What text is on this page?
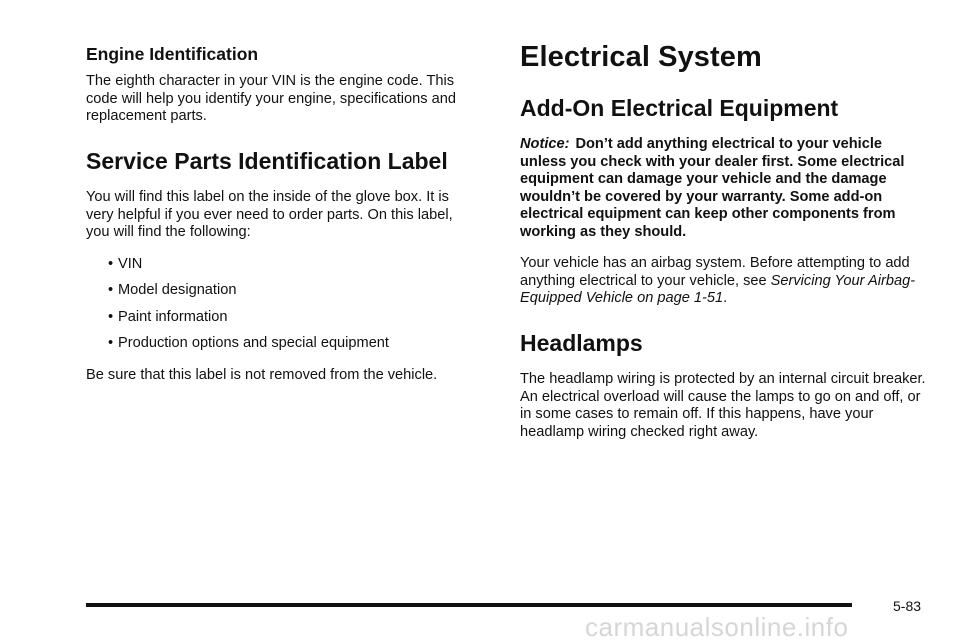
Engine Identification

The eighth character in your VIN is the engine code. This code will help you identify your engine, specifications and replacement parts.

Service Parts Identification Label

You will find this label on the inside of the glove box. It is very helpful if you ever need to order parts. On this label, you will find the following:

• VIN
• Model designation
• Paint information
• Production options and special equipment

Be sure that this label is not removed from the vehicle.

Electrical System
Add-On Electrical Equipment

Notice: Don’t add anything electrical to your vehicle unless you check with your dealer first. Some electrical equipment can damage your vehicle and the damage wouldn’t be covered by your warranty. Some add-on electrical equipment can keep other components from working as they should.

Your vehicle has an airbag system. Before attempting to add anything electrical to your vehicle, see Servicing Your Airbag-Equipped Vehicle on page 1-51.

Headlamps

The headlamp wiring is protected by an internal circuit breaker. An electrical overload will cause the lamps to go on and off, or in some cases to remain off. If this happens, have your headlamp wiring checked right away.

5-83
carmanualsonline.info
